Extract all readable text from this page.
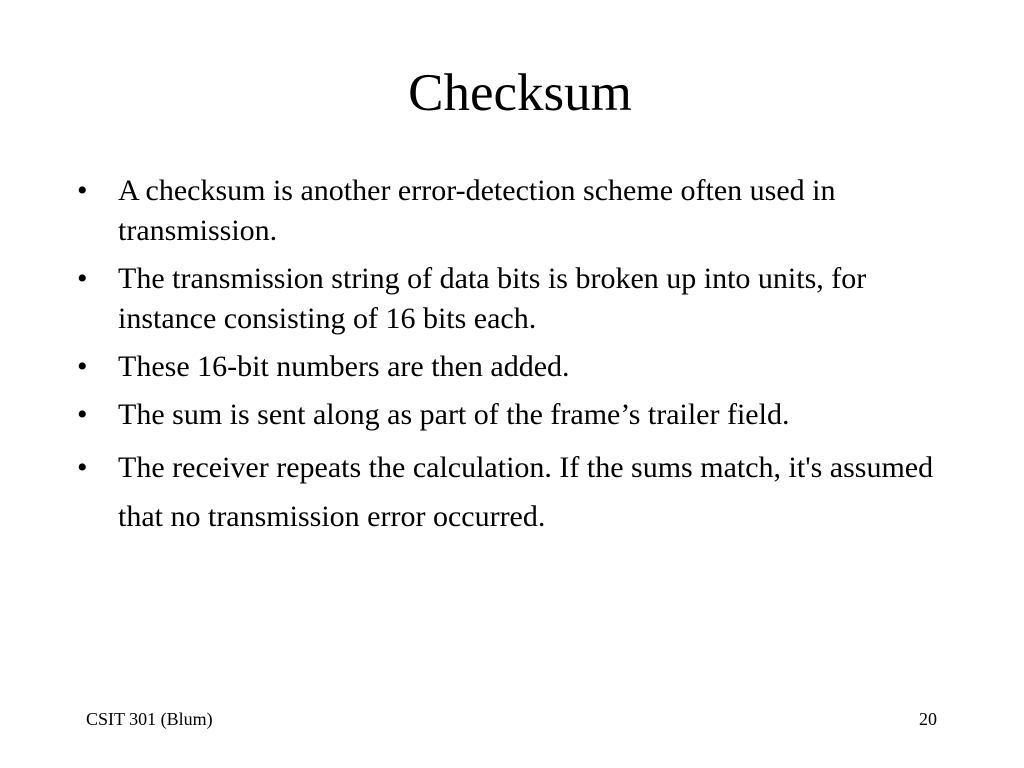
Checksum
• A checksum is another error-detection scheme often used in transmission.
• The transmission string of data bits is broken up into units, for instance consisting of 16 bits each.
• These 16-bit numbers are then added.
• The sum is sent along as part of the frame’s trailer field.
• The receiver repeats the calculation. If the sums match, it's assumed that no transmission error occurred.
CSIT 301 (Blum)	20
